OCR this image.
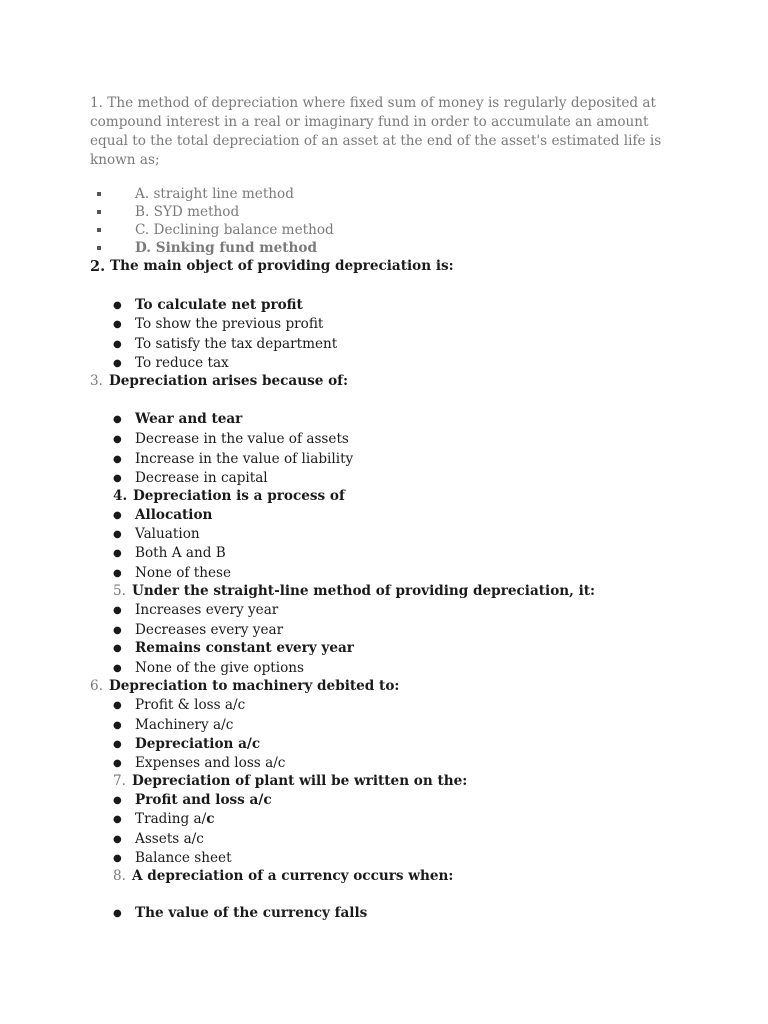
1. The method of depreciation where fixed sum of money is regularly deposited at compound interest in a real or imaginary fund in order to accumulate an amount equal to the total depreciation of an asset at the end of the asset's estimated life is known as;
A. straight line method
B. SYD method
C. Declining balance method
D. Sinking fund method
2. The main object of providing depreciation is:
● To calculate net profit
● To show the previous profit
● To satisfy the tax department
● To reduce tax
3. Depreciation arises because of:
● Wear and tear
● Decrease in the value of assets
● Increase in the value of liability
● Decrease in capital
4. Depreciation is a process of
● Allocation
● Valuation
● Both A and B
● None of these
5. Under the straight-line method of providing depreciation, it:
● Increases every year
● Decreases every year
● Remains constant every year
● None of the give options
6. Depreciation to machinery debited to:
● Profit & loss a/c
● Machinery a/c
● Depreciation a/c
● Expenses and loss a/c
7. Depreciation of plant will be written on the:
● Profit and loss a/c
● Trading a/c
● Assets a/c
● Balance sheet
8. A depreciation of a currency occurs when:
● The value of the currency falls
